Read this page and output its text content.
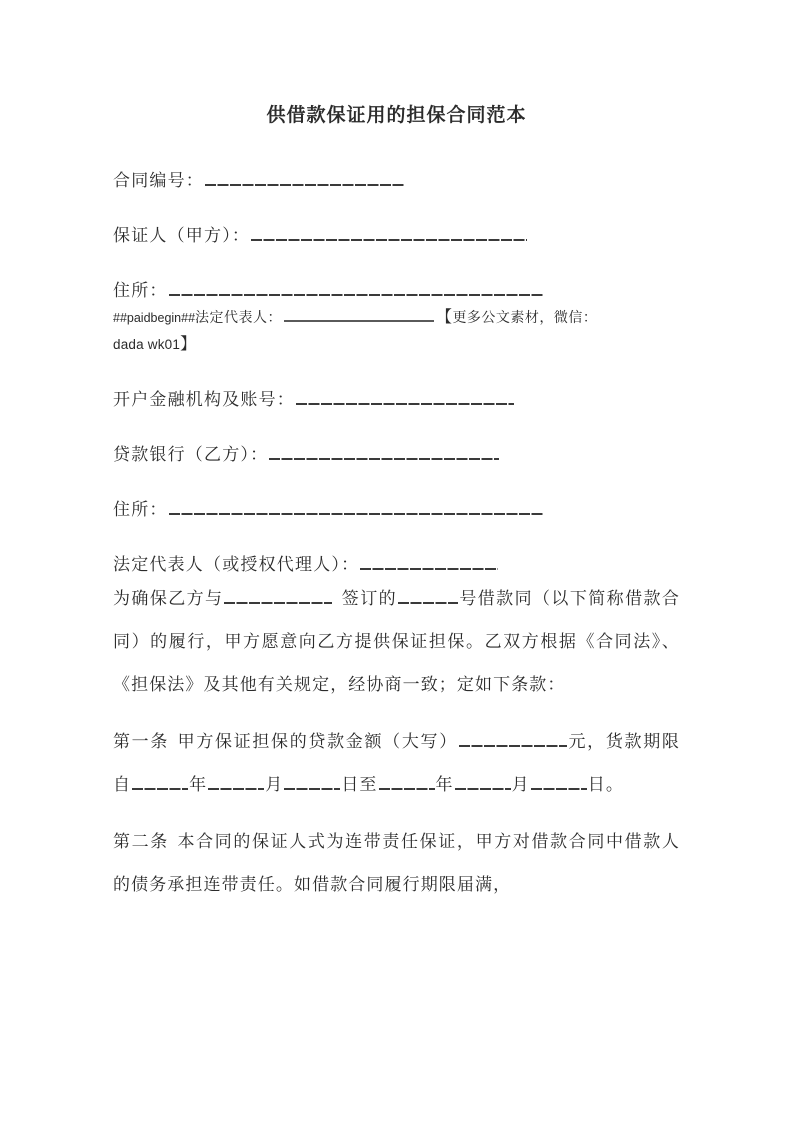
供借款保证用的担保合同范本
合同编号：
保证人（甲方）：
住所：
##paidbegin##法定代表人：	【更多公文素材，微信：
dada wk01】
开户金融机构及账号：
贷款银行（乙方）：
住所：
法定代表人（或授权代理人）：

为确保乙方与	签订的	号借款同（以下简称借款合同）的履行，甲方愿意向乙方提供保证担保。乙双方根据《合同法》、《担保法》及其他有关规定，经协商一致；定如下条款：

第一条 甲方保证担保的贷款金额（大写）	元，货款期限自	年	月	日至	年	月	日。

第二条 本合同的保证人式为连带责任保证，甲方对借款合同中借款人的债务承担连带责任。如借款合同履行期限届满，
